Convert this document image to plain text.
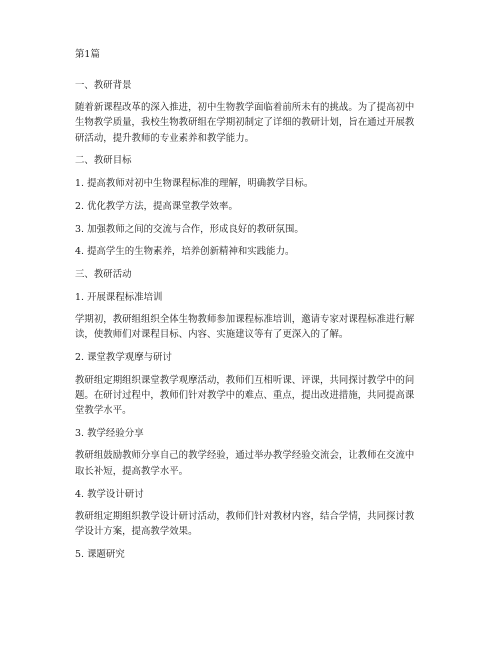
第1篇
一、教研背景
随着新课程改革的深入推进，初中生物教学面临着前所未有的挑战。为了提高初中
生物教学质量，我校生物教研组在学期初制定了详细的教研计划，旨在通过开展教
研活动，提升教师的专业素养和教学能力。
二、教研目标
1. 提高教师对初中生物课程标准的理解，明确教学目标。
2. 优化教学方法，提高课堂教学效率。
3. 加强教师之间的交流与合作，形成良好的教研氛围。
4. 提高学生的生物素养，培养创新精神和实践能力。
三、教研活动
1. 开展课程标准培训
学期初，教研组组织全体生物教师参加课程标准培训，邀请专家对课程标准进行解
读，使教师们对课程目标、内容、实施建议等有了更深入的了解。
2. 课堂教学观摩与研讨
教研组定期组织课堂教学观摩活动，教师们互相听课、评课，共同探讨教学中的问
题。在研讨过程中，教师们针对教学中的难点、重点，提出改进措施，共同提高课
堂教学水平。
3. 教学经验分享
教研组鼓励教师分享自己的教学经验，通过举办教学经验交流会，让教师在交流中
取长补短，提高教学水平。
4. 教学设计研讨
教研组定期组织教学设计研讨活动，教师们针对教材内容，结合学情，共同探讨教
学设计方案，提高教学效果。
5. 课题研究
